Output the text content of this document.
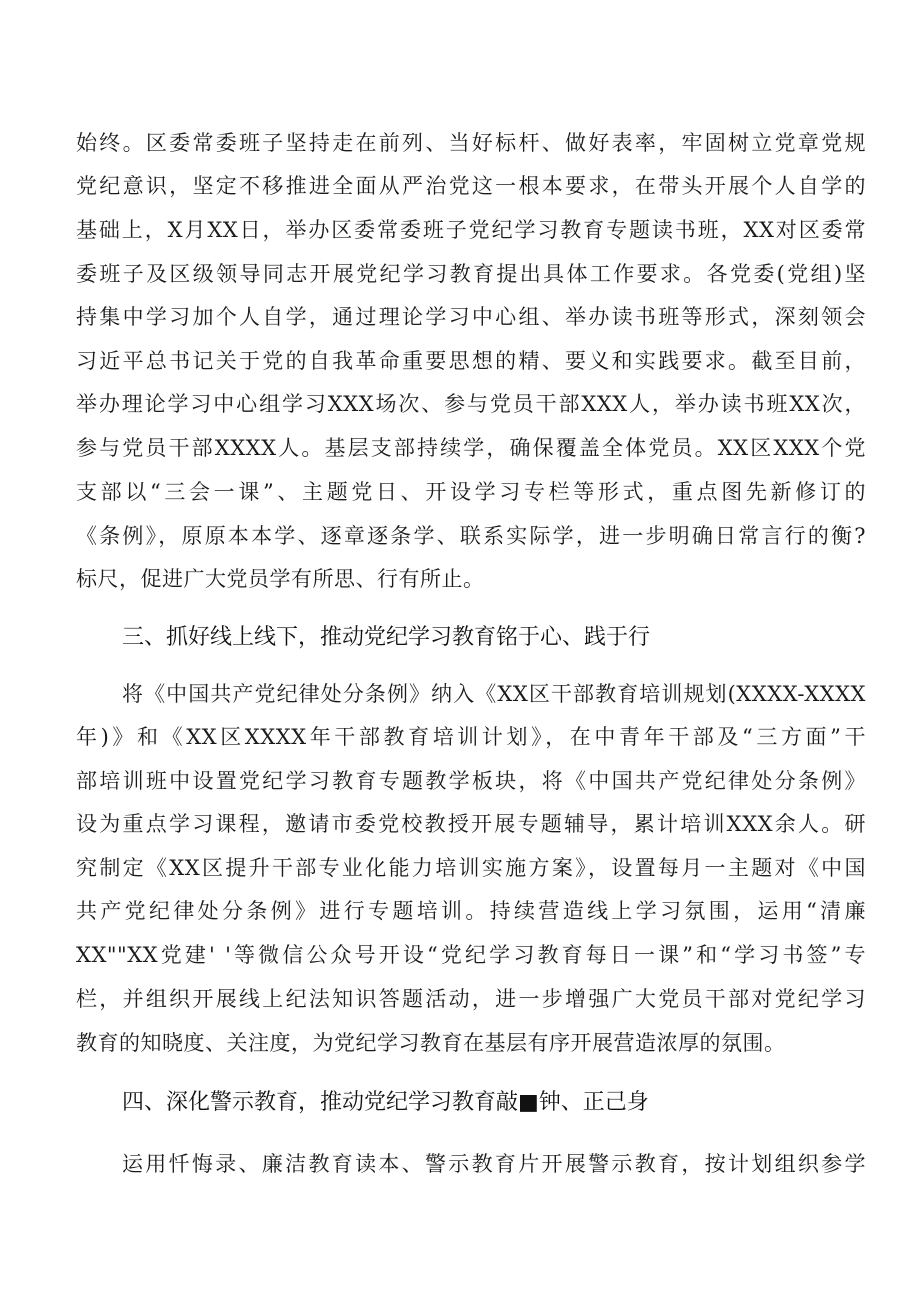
始终。区委常委班子坚持走在前列、当好标杆、做好表率，牢固树立党章党规
党纪意识，坚定不移推进全面从严治党这一根本要求，在带头开展个人自学的
基础上，X月XX日，举办区委常委班子党纪学习教育专题读书班，XX对区委常
委班子及区级领导同志开展党纪学习教育提出具体工作要求。各党委(党组)坚
持集中学习加个人自学，通过理论学习中心组、举办读书班等形式，深刻领会
习近平总书记关于党的自我革命重要思想的精、要义和实践要求。截至目前，
举办理论学习中心组学习XXX场次、参与党员干部XXX人，举办读书班XX次，
参与党员干部XXXX人。基层支部持续学，确保覆盖全体党员。XX区XXX个党
支部以“三会一课”、主题党日、开设学习专栏等形式，重点图先新修订的
《条例》，原原本本学、逐章逐条学、联系实际学，进一步明确日常言行的衡?
标尺，促进广大党员学有所思、行有所止。
三、抓好线上线下，推动党纪学习教育铭于心、践于行
将《中国共产党纪律处分条例》纳入《XX区干部教育培训规划(XXXX-XXXX
年)》和《XX区XXXX年干部教育培训计划》，在中青年干部及“三方面”干
部培训班中设置党纪学习教育专题教学板块，将《中国共产党纪律处分条例》
设为重点学习课程，邀请市委党校教授开展专题辅导，累计培训XXX余人。研
究制定《XX区提升干部专业化能力培训实施方案》，设置每月一主题对《中国
共产党纪律处分条例》进行专题培训。持续营造线上学习氛围，运用“清廉
XX""XX党建' '等微信公众号开设“党纪学习教育每日一课”和“学习书签”专
栏，并组织开展线上纪法知识答题活动，进一步增强广大党员干部对党纪学习
教育的知晓度、关注度，为党纪学习教育在基层有序开展营造浓厚的氛围。
四、深化警示教育，推动党纪学习教育敲■钟、正己身
运用忏悔录、廉洁教育读本、警示教育片开展警示教育，按计划组织参学
